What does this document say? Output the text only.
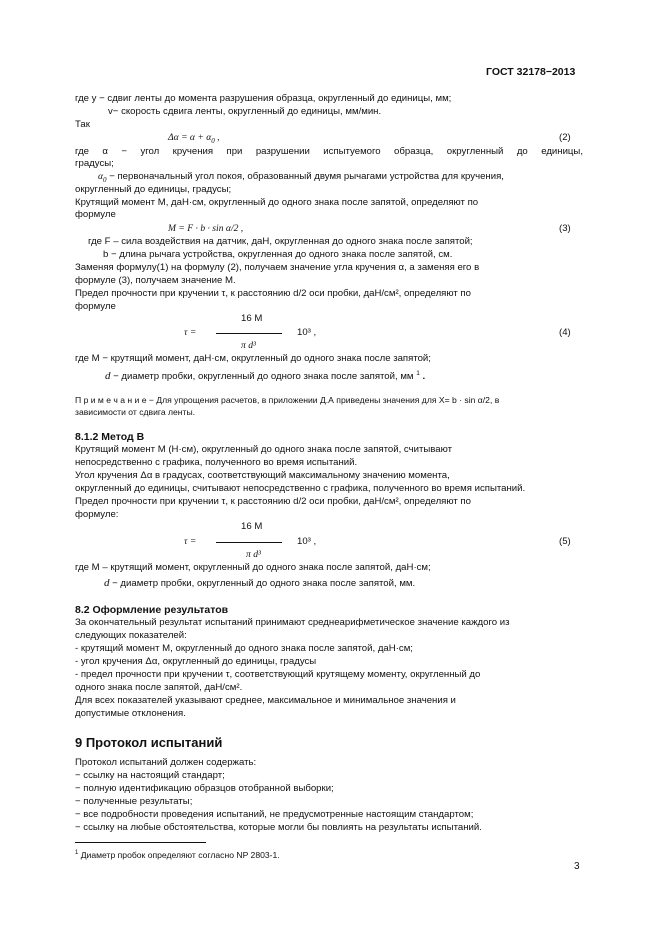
ГОСТ 32178−2013
где y − сдвиг ленты до момента разрушения образца, округленный до единицы, мм;
v− скорость сдвига ленты, округленный до единицы, мм/мин.
Так
$\Delta\alpha = \alpha + \alpha_0$ ,	(2)
где α − угол кручения при разрушении испытуемого образца, округленный до единицы,
градусы;
$\alpha_0$ − первоначальный угол покоя, образованный двумя рычагами устройства для кручения,
округленный до единицы, градусы;
Крутящий момент М, даН·см, округленный до одного знака после запятой, определяют по
формуле
M = F · b · sin α/2 ,	(3)
где F – сила воздействия на датчик, даН, округленная до одного знака после запятой;
b − длина рычага устройства, округленная до одного знака после запятой, см.
Заменяя формулу(1) на формулу (2), получаем значение угла кручения α, а заменяя его в
формуле (3), получаем значение М.
Предел прочности при кручении τ, к расстоянию d/2 оси пробки, даН/см², определяют по
формуле
16 M
τ =	10³ ,
π d³
(4)
где M − крутящий момент, даН·см, округленный до одного знака после запятой;
d − диаметр пробки, округленный до одного знака после запятой, мм $^1$ .
П р и м е ч а н и е − Для упрощения расчетов, в приложении Д.А приведены значения для X= b · sin α/2, в
зависимости от сдвига ленты.
8.1.2 Метод В
Крутящий момент М (Н·см), округленный до одного знака после запятой, считывают
непосредственно с графика, полученного во время испытаний.
Угол кручения Δα в градусах, соответствующий максимальному значению момента,
округленный до единицы, считывают непосредственно с графика, полученного во время испытаний.
Предел прочности при кручении τ, к расстоянию d/2 оси пробки, даН/см², определяют по
формуле:
16 M
τ =	10³ ,
π d³
(5)
где M – крутящий момент, округленный до одного знака после запятой, даН·см;
d − диаметр пробки, округленный до одного знака после запятой, мм.
8.2 Оформление результатов
За окончательный результат испытаний принимают среднеарифметическое значение каждого из
следующих показателей:
- крутящий момент М, округленный до одного знака после запятой, даН·см;
- угол кручения Δα, округленный до единицы, градусы
- предел прочности при кручении τ, соответствующий крутящему моменту, округленный до
одного знака после запятой, даН/см².
Для всех показателей указывают среднее, максимальное и минимальное значения и
допустимые отклонения.
9 Протокол испытаний
Протокол испытаний должен содержать:
− ссылку на настоящий стандарт;
− полную идентификацию образцов отобранной выборки;
− полученные результаты;
− все подробности проведения испытаний, не предусмотренные настоящим стандартом;
− ссылку на любые обстоятельства, которые могли бы повлиять на результаты испытаний.
$^1$ Диаметр пробок определяют согласно NP 2803-1.
3
